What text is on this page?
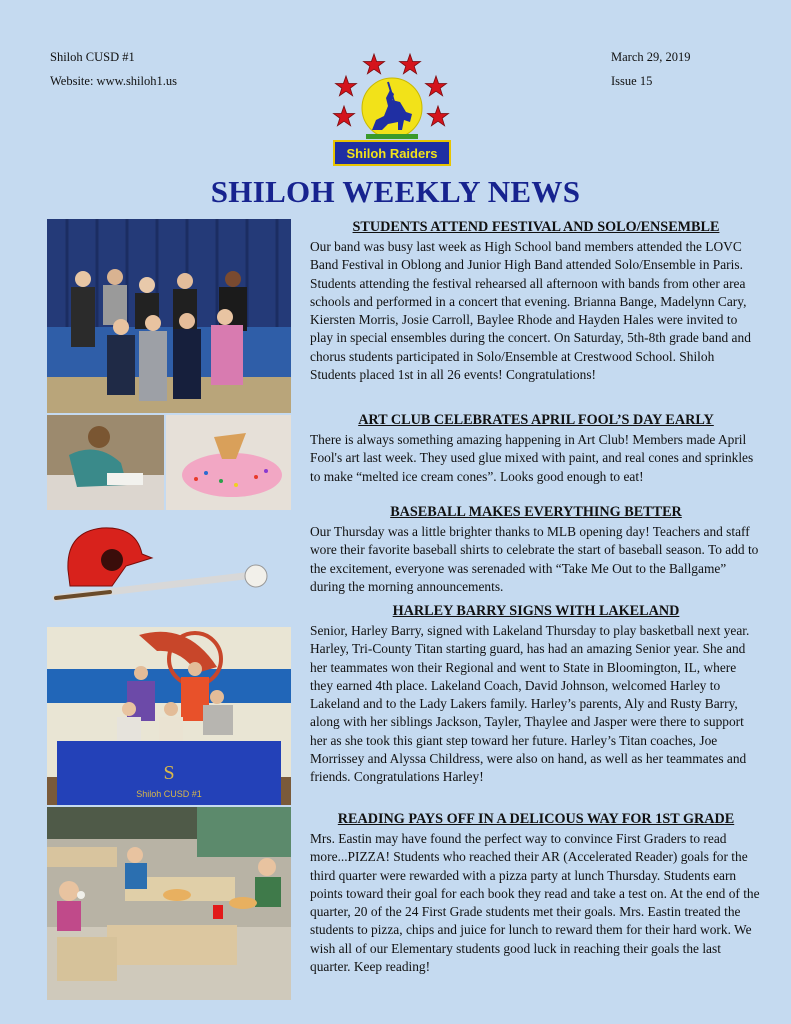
Shiloh CUSD #1
Website: www.shiloh1.us
March 29, 2019
Issue 15
Shiloh Raiders
SHILOH WEEKLY NEWS
S
Shiloh CUSD #1
STUDENTS ATTEND FESTIVAL AND SOLO/ENSEMBLE

Our band was busy last week as High School band members attended the LOVC Band Festival in Oblong and Junior High Band attended Solo/Ensemble in Paris. Students attending the festival rehearsed all afternoon with bands from other area schools and performed in a concert that evening. Brianna Bange, Madelynn Cary, Kiersten Morris, Josie Carroll, Baylee Rhode and Hayden Hales were invited to play in special ensembles during the concert. On Saturday, 5th-8th grade band and chorus students participated in Solo/Ensemble at Crestwood School. Shiloh Students placed 1st in all 26 events! Congratulations!

ART CLUB CELEBRATES APRIL FOOL’S DAY EARLY

There is always something amazing happening in Art Club! Members made April Fool's art last week. They used glue mixed with paint, and real cones and sprinkles to make “melted ice cream cones”. Looks good enough to eat!

BASEBALL MAKES EVERYTHING BETTER

Our Thursday was a little brighter thanks to MLB opening day! Teachers and staff wore their favorite baseball shirts to celebrate the start of baseball season. To add to the excitement, everyone was serenaded with “Take Me Out to the Ballgame” during the morning announcements.

HARLEY BARRY SIGNS WITH LAKELAND

Senior, Harley Barry, signed with Lakeland Thursday to play basketball next year. Harley, Tri-County Titan starting guard, has had an amazing Senior year. She and her teammates won their Regional and went to State in Bloomington, IL, where they earned 4th place. Lakeland Coach, David Johnson, welcomed Harley to Lakeland and to the Lady Lakers family. Harley’s parents, Aly and Rusty Barry, along with her siblings Jackson, Tayler, Thaylee and Jasper were there to support her as she took this giant step toward her future. Harley’s Titan coaches, Joe Morrissey and Alyssa Childress, were also on hand, as well as her teammates and friends. Congratulations Harley!

READING PAYS OFF IN A DELICOUS WAY FOR 1ST GRADE

Mrs. Eastin may have found the perfect way to convince First Graders to read more...PIZZA! Students who reached their AR (Accelerated Reader) goals for the third quarter were rewarded with a pizza party at lunch Thursday. Students earn points toward their goal for each book they read and take a test on. At the end of the quarter, 20 of the 24 First Grade students met their goals. Mrs. Eastin treated the students to pizza, chips and juice for lunch to reward them for their hard work. We wish all of our Elementary students good luck in reaching their goals the last quarter. Keep reading!
